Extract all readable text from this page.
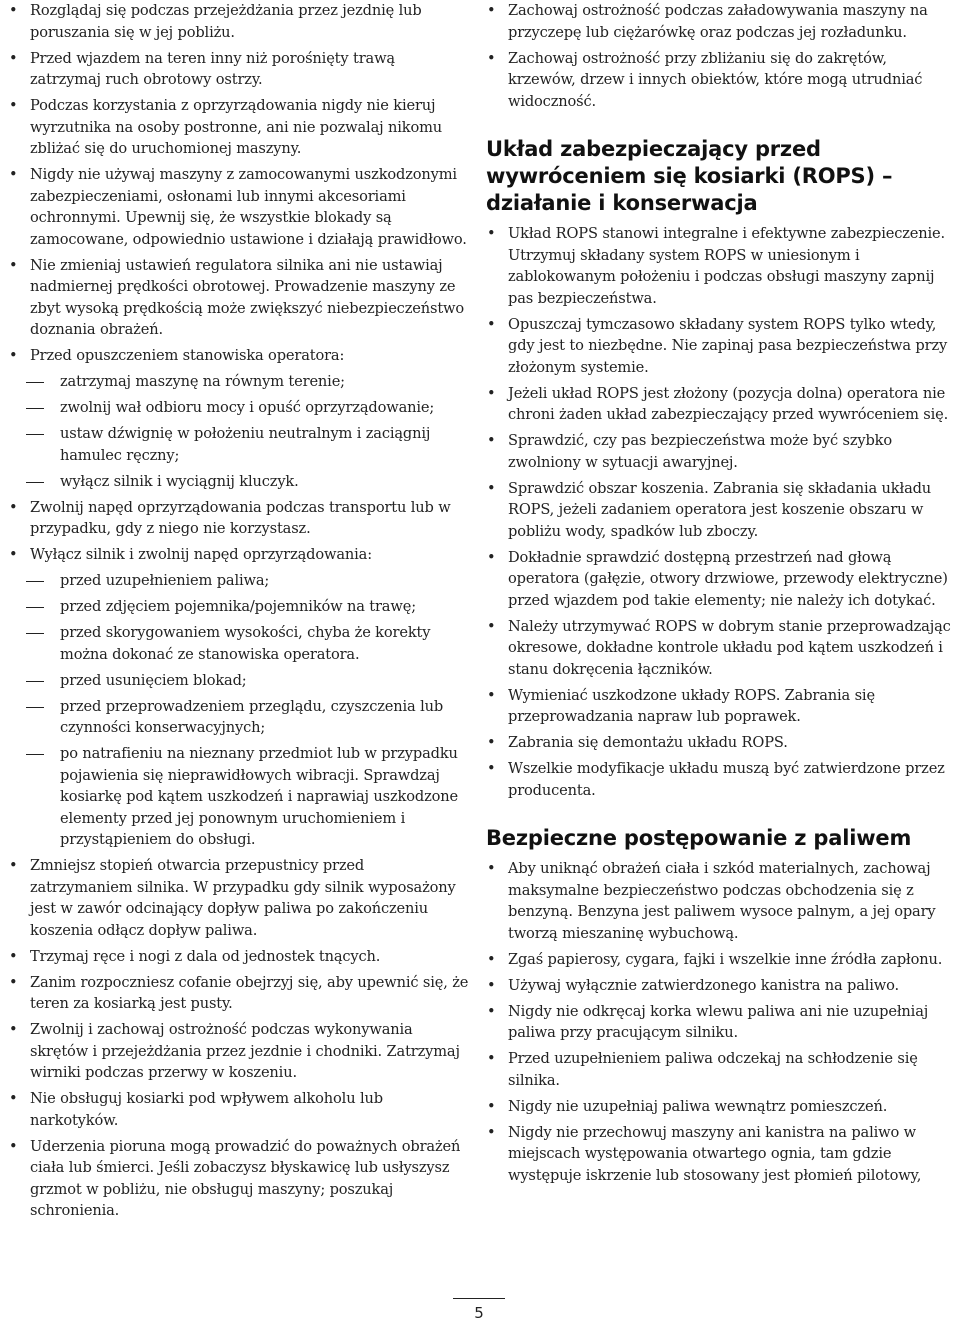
• Rozglądaj się podczas przejeżdżania przez jezdnię lub poruszania się w jej pobliżu.
• Przed wjazdem na teren inny niż porośnięty trawą zatrzymaj ruch obrotowy ostrzy.
• Podczas korzystania z oprzyrządowania nigdy nie kieruj wyrzutnika na osoby postronne, ani nie pozwalaj nikomu zbliżać się do uruchomionej maszyny.
• Nigdy nie używaj maszyny z zamocowanymi uszkodzonymi zabezpieczeniami, osłonami lub innymi akcesoriami ochronnymi. Upewnij się, że wszystkie blokady są zamocowane, odpowiednio ustawione i działają prawidłowo.
• Nie zmieniaj ustawień regulatora silnika ani nie ustawiaj nadmiernej prędkości obrotowej. Prowadzenie maszyny ze zbyt wysoką prędkością może zwiększyć niebezpieczeństwo doznania obrażeń.
• Przed opuszczeniem stanowiska operatora:
zatrzymaj maszynę na równym terenie;
zwolnij wał odbioru mocy i opuść oprzyrządowanie;
ustaw dźwignię w położeniu neutralnym i zaciągnij hamulec ręczny;
wyłącz silnik i wyciągnij kluczyk.
• Zwolnij napęd oprzyrządowania podczas transportu lub w przypadku, gdy z niego nie korzystasz.
• Wyłącz silnik i zwolnij napęd oprzyrządowania:
przed uzupełnieniem paliwa;
przed zdjęciem pojemnika/pojemników na trawę;
przed skorygowaniem wysokości, chyba że korekty można dokonać ze stanowiska operatora.
przed usunięciem blokad;
przed przeprowadzeniem przeglądu, czyszczenia lub czynności konserwacyjnych;
po natrafieniu na nieznany przedmiot lub w przypadku pojawienia się nieprawidłowych wibracji. Sprawdzaj kosiarkę pod kątem uszkodzeń i naprawiaj uszkodzone elementy przed jej ponownym uruchomieniem i przystąpieniem do obsługi.
• Zmniejsz stopień otwarcia przepustnicy przed zatrzymaniem silnika. W przypadku gdy silnik wyposażony jest w zawór odcinający dopływ paliwa po zakończeniu koszenia odłącz dopływ paliwa.
• Trzymaj ręce i nogi z dala od jednostek tnących.
• Zanim rozpoczniesz cofanie obejrzyj się, aby upewnić się, że teren za kosiarką jest pusty.
• Zwolnij i zachowaj ostrożność podczas wykonywania skrętów i przejeżdżania przez jezdnie i chodniki. Zatrzymaj wirniki podczas przerwy w koszeniu.
• Nie obsługuj kosiarki pod wpływem alkoholu lub narkotyków.
• Uderzenia pioruna mogą prowadzić do poważnych obrażeń ciała lub śmierci. Jeśli zobaczysz błyskawicę lub usłyszysz grzmot w pobliżu, nie obsługuj maszyny; poszukaj schronienia.
• Zachowaj ostrożność podczas załadowywania maszyny na przyczepę lub ciężarówkę oraz podczas jej rozładunku.
• Zachowaj ostrożność przy zbliżaniu się do zakrętów, krzewów, drzew i innych obiektów, które mogą utrudniać widoczność.
Układ zabezpieczający przed wywróceniem się kosiarki (ROPS) – działanie i konserwacja
• Układ ROPS stanowi integralne i efektywne zabezpieczenie. Utrzymuj składany system ROPS w uniesionym i zablokowanym położeniu i podczas obsługi maszyny zapnij pas bezpieczeństwa.
• Opuszczaj tymczasowo składany system ROPS tylko wtedy, gdy jest to niezbędne. Nie zapinaj pasa bezpieczeństwa przy złożonym systemie.
• Jeżeli układ ROPS jest złożony (pozycja dolna) operatora nie chroni żaden układ zabezpieczający przed wywróceniem się.
• Sprawdzić, czy pas bezpieczeństwa może być szybko zwolniony w sytuacji awaryjnej.
• Sprawdzić obszar koszenia. Zabrania się składania układu ROPS, jeżeli zadaniem operatora jest koszenie obszaru w pobliżu wody, spadków lub zboczy.
• Dokładnie sprawdzić dostępną przestrzeń nad głową operatora (gałęzie, otwory drzwiowe, przewody elektryczne) przed wjazdem pod takie elementy; nie należy ich dotykać.
• Należy utrzymywać ROPS w dobrym stanie przeprowadzając okresowe, dokładne kontrole układu pod kątem uszkodzeń i stanu dokręcenia łączników.
• Wymieniać uszkodzone układy ROPS. Zabrania się przeprowadzania napraw lub poprawek.
• Zabrania się demontażu układu ROPS.
• Wszelkie modyfikacje układu muszą być zatwierdzone przez producenta.
Bezpieczne postępowanie z paliwem
• Aby uniknąć obrażeń ciała i szkód materialnych, zachowaj maksymalne bezpieczeństwo podczas obchodzenia się z benzyną. Benzyna jest paliwem wysoce palnym, a jej opary tworzą mieszaninę wybuchową.
• Zgaś papierosy, cygara, fajki i wszelkie inne źródła zapłonu.
• Używaj wyłącznie zatwierdzonego kanistra na paliwo.
• Nigdy nie odkręcaj korka wlewu paliwa ani nie uzupełniaj paliwa przy pracującym silniku.
• Przed uzupełnieniem paliwa odczekaj na schłodzenie się silnika.
• Nigdy nie uzupełniaj paliwa wewnątrz pomieszczeń.
• Nigdy nie przechowuj maszyny ani kanistra na paliwo w miejscach występowania otwartego ognia, tam gdzie występuje iskrzenie lub stosowany jest płomień pilotowy,
5
